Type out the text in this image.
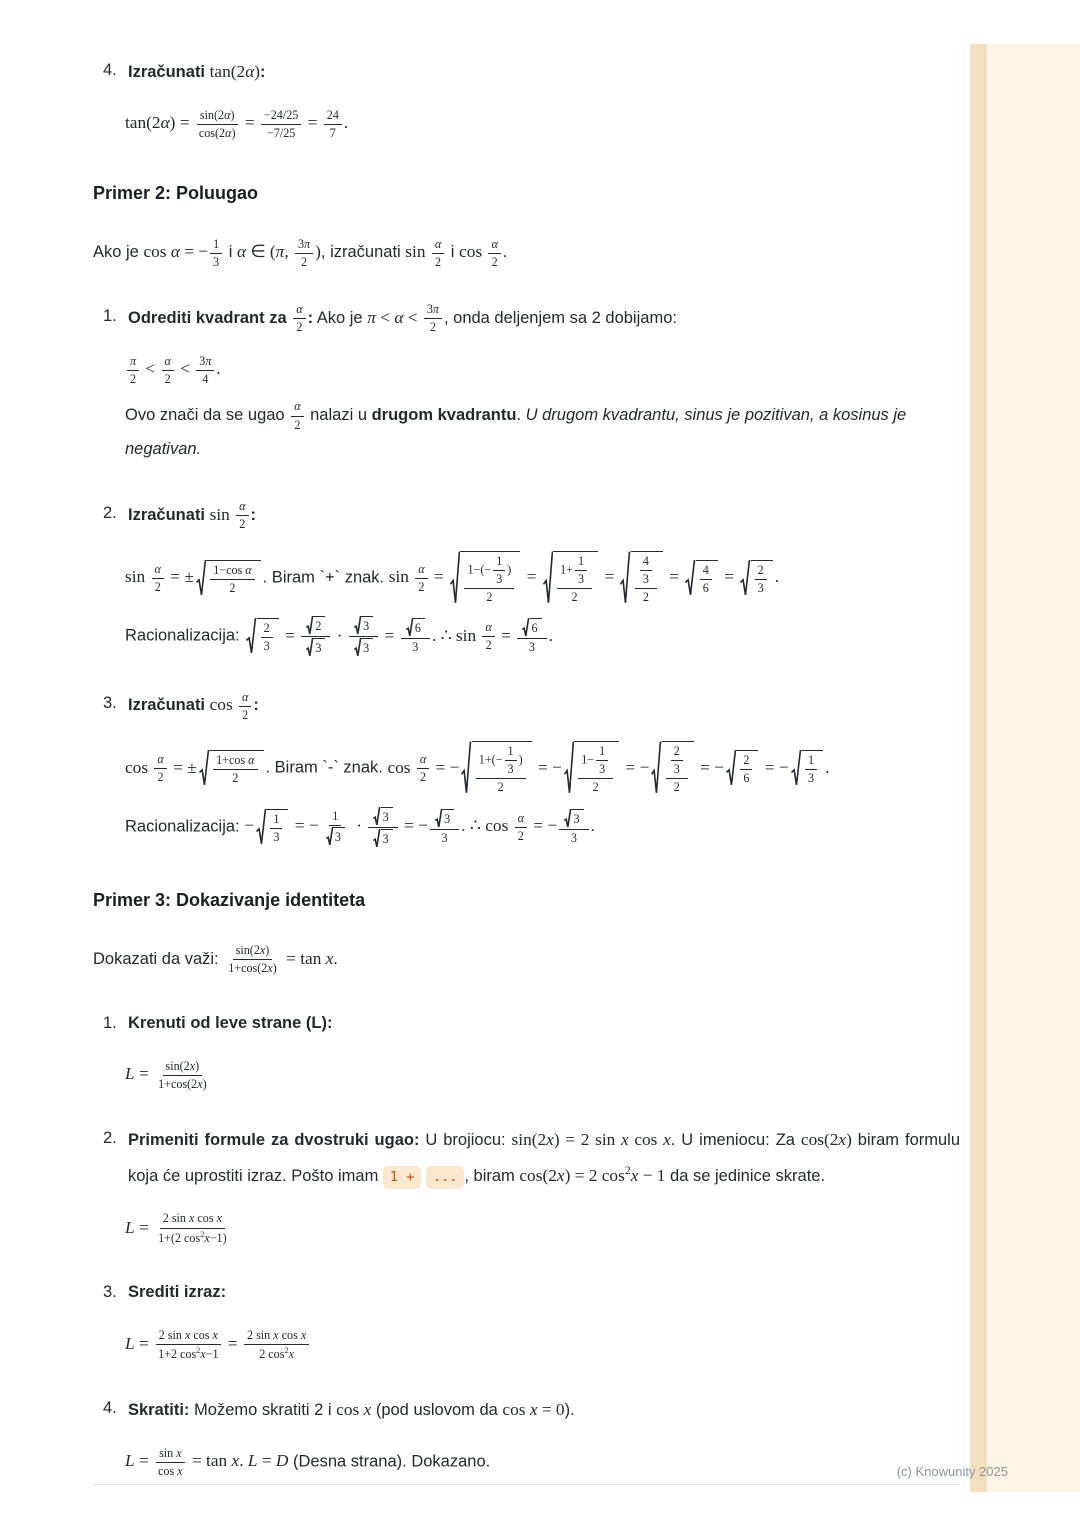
4. Izračunati tan(2α):

$\tan(2\alpha) = \frac{\sin(2\alpha)}{\cos(2\alpha)} = \frac{-24/25}{-7/25} = \frac{24}{7}$ .
Primer 2: Poluugao

Ako je cos α = − $\frac{1}{3}$ i α ∈ (π, $\frac{3\pi}{2}$ ), izračunati $\sin \frac{\alpha}{2}$ i $\cos \frac{\alpha}{2}$ .

1. Odrediti kvadrant za $\frac{\alpha}{2}$ : Ako je $\pi < \alpha < \frac{3\pi}{2}$ , onda deljenjem sa 2 dobijamo:

$\frac{\pi}{2} < \frac{\alpha}{2} < \frac{3\pi}{4}$ .

Ovo znači da se ugao $\frac{\alpha}{2}$ nalazi u drugom kvadrantu. U drugom kvadrantu, sinus je pozitivan, a kosinus je negativan.

2. Izračunati $\sin \frac{\alpha}{2}$ :

$\sin \frac{\alpha}{2}$ = ± $\frac{\text{1−cos α}}{2}$ . Biram `+` znak. $\sin \frac{\alpha}{2} = \frac{1-(- \frac{1}{3} )}{2} = \frac{1+ \frac{1}{3}}{2} = \frac{\frac{4}{3}}{2} = \frac{4}{6} = \frac{2}{3}$ .

Racionalizacija: $\frac{2}{3} = \frac{2}{3} \cdot \frac{3}{3} = \frac{6}{3}$ . ∴ $\sin \frac{\alpha}{2} = \frac{6}{3}$ .

3. Izračunati $\cos \frac{\alpha}{2}$ :

$\cos \frac{\alpha}{2}$ = ± $\frac{\text{1+cos α}}{2}$ . Biram `-` znak. $\cos \frac{\alpha}{2}$ = − $\frac{1+(- \frac{1}{3} )}{2}$ = − $\frac{1- \frac{1}{3}}{2}$ = − $\frac{\frac{2}{3}}{2}$ = − $\frac{2}{6}$ = − $\frac{1}{3}$ .

Racionalizacija: − $\frac{1}{3}$ = − $\frac{1}{3} \cdot \frac{3}{3}$ = − $\frac{3}{3}$ . ∴ $\cos \frac{\alpha}{2}$ = − $\frac{3}{3}$ .

Primer 3: Dokazivanje identiteta

Dokazati da važi: $\frac{\sin(2x)}{1+\cos(2x)} = \tan x$.

1. Krenuti od leve strane (L):

$L = \frac{\sin(2x)}{1+\cos(2x)}$
2. Primeniti formule za dvostruki ugao: U brojiocu: sin(2x) = 2 sin x cos x. U imeniocu: Za cos(2x) biram formulu koja će uprostiti izraz. Pošto imam 1 + ... , biram cos(2x) = 2 $\cos^2x - 1$ da se jedinice skrate.

$L = \frac{\text{2 sin x cos x}}{1+(2 \cos^2x-1)}$
3. Srediti izraz:

$L = \frac{\text{2 sin x cos x}}{1+2 \cos^2x-1} = \frac{\text{2 sin x cos x}}{2 \cos^2x}$
4. Skratiti: Možemo skratiti 2 i cos x (pod uslovom da cos x = 0).

$L = \frac{\text{sin x}}{\text{cos x}} = \tan x$. L = D (Desna strana). Dokazano.
(c) Knowunity 2025
